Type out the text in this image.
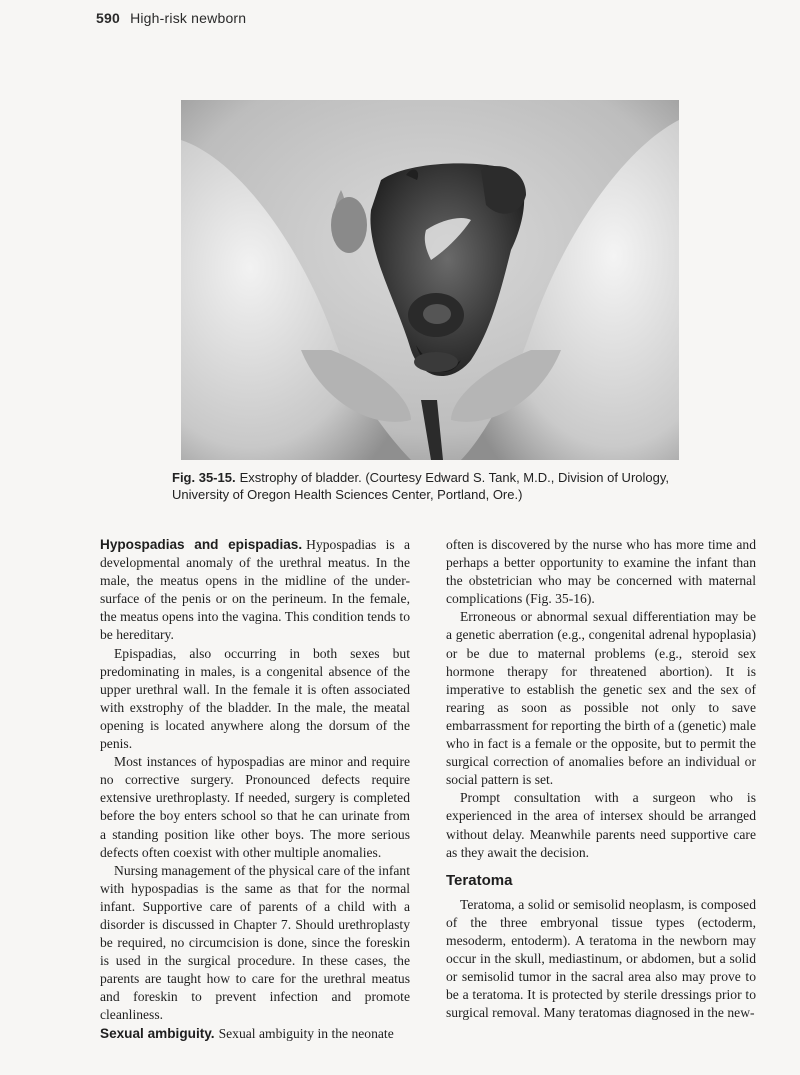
590 High-risk newborn
Fig. 35-15. Exstrophy of bladder. (Courtesy Edward S. Tank, M.D., Division of Urology, University of Oregon Health Sciences Center, Portland, Ore.)

Hypospadias and epispadias. Hypospadias is a developmental anomaly of the urethral meatus. In the male, the meatus opens in the midline of the under-surface of the penis or on the perineum. In the female, the meatus opens into the vagina. This condition tends to be hereditary.

Epispadias, also occurring in both sexes but predominating in males, is a congenital absence of the upper urethral wall. In the female it is often associated with exstrophy of the bladder. In the male, the meatal opening is located anywhere along the dorsum of the penis.

Most instances of hypospadias are minor and require no corrective surgery. Pronounced defects require extensive urethroplasty. If needed, surgery is completed before the boy enters school so that he can urinate from a standing position like other boys. The more serious defects often coexist with other multiple anomalies.

Nursing management of the physical care of the infant with hypospadias is the same as that for the normal infant. Supportive care of parents of a child with a disorder is discussed in Chapter 7. Should urethroplasty be required, no circumcision is done, since the foreskin is used in the surgical procedure. In these cases, the parents are taught how to care for the urethral meatus and foreskin to prevent infection and promote cleanliness.

Sexual ambiguity. Sexual ambiguity in the neonate

often is discovered by the nurse who has more time and perhaps a better opportunity to examine the infant than the obstetrician who may be concerned with maternal complications (Fig. 35-16).

Erroneous or abnormal sexual differentiation may be a genetic aberration (e.g., congenital adrenal hypoplasia) or be due to maternal problems (e.g., steroid sex hormone therapy for threatened abortion). It is imperative to establish the genetic sex and the sex of rearing as soon as possible not only to save embarrassment for reporting the birth of a (genetic) male who in fact is a female or the opposite, but to permit the surgical correction of anomalies before an individual or social pattern is set.

Prompt consultation with a surgeon who is experienced in the area of intersex should be arranged without delay. Meanwhile parents need supportive care as they await the decision.

Teratoma

Teratoma, a solid or semisolid neoplasm, is composed of the three embryonal tissue types (ectoderm, mesoderm, entoderm). A teratoma in the newborn may occur in the skull, mediastinum, or abdomen, but a solid or semisolid tumor in the sacral area also may prove to be a teratoma. It is protected by sterile dressings prior to surgical removal. Many teratomas diagnosed in the new-
